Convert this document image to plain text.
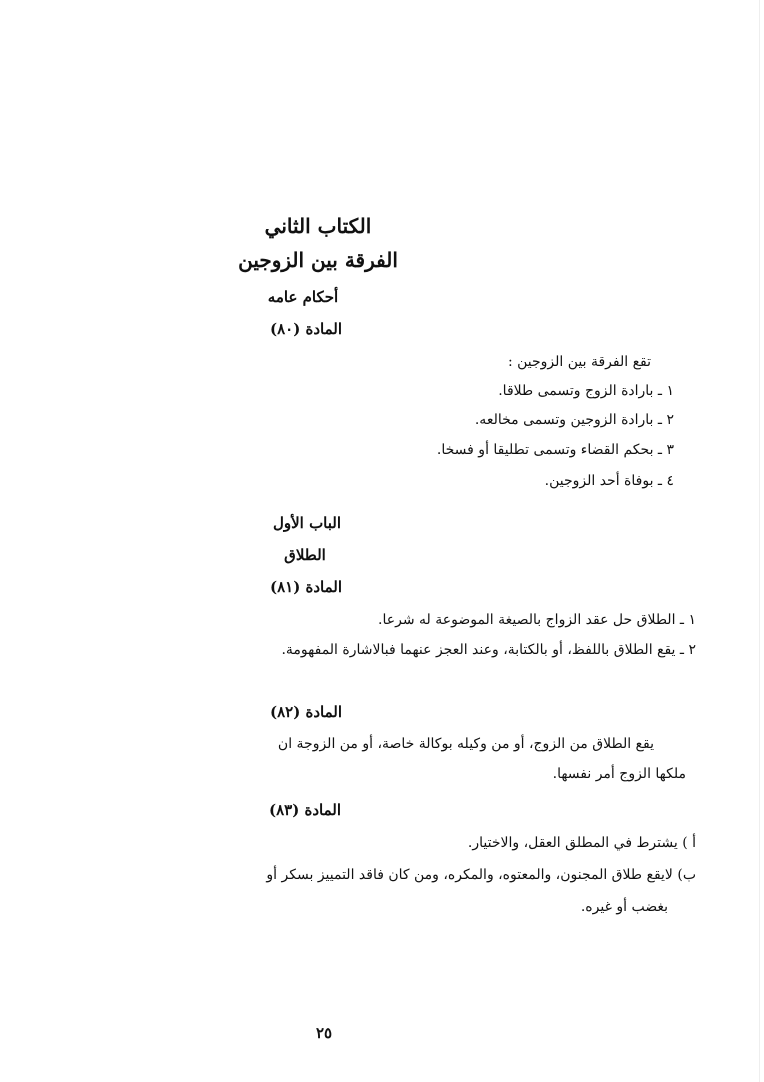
الكتاب الثاني
الفرقة بين الزوجين
أحكام عامه
المادة (٨٠)
تقع الفرقة بين الزوجين :
١ ـ بارادة الزوج وتسمى طلاقا.
٢ ـ بارادة الزوجين وتسمى مخالعه.
٣ ـ بحكم القضاء وتسمى تطليقا أو فسخا.
٤ ـ بوفاة أحد الزوجين.
الباب الأول
الطلاق
المادة (٨١)
١ ـ الطلاق حل عقد الزواج بالصيغة الموضوعة له شرعا.
٢ ـ يقع الطلاق باللفظ، أو بالكتابة، وعند العجز عنهما فبالاشارة المفهومة.
المادة (٨٢)
يقع الطلاق من الزوج، أو من وكيله بوكالة خاصة، أو من الزوجة ان
ملكها الزوج أمر نفسها.
المادة (٨٣)
أ ) يشترط في المطلق العقل، والاختيار.
ب) لايقع طلاق المجنون، والمعتوه، والمكره، ومن كان فاقد التمييز بسكر أو
بغضب أو غيره.
٢٥
